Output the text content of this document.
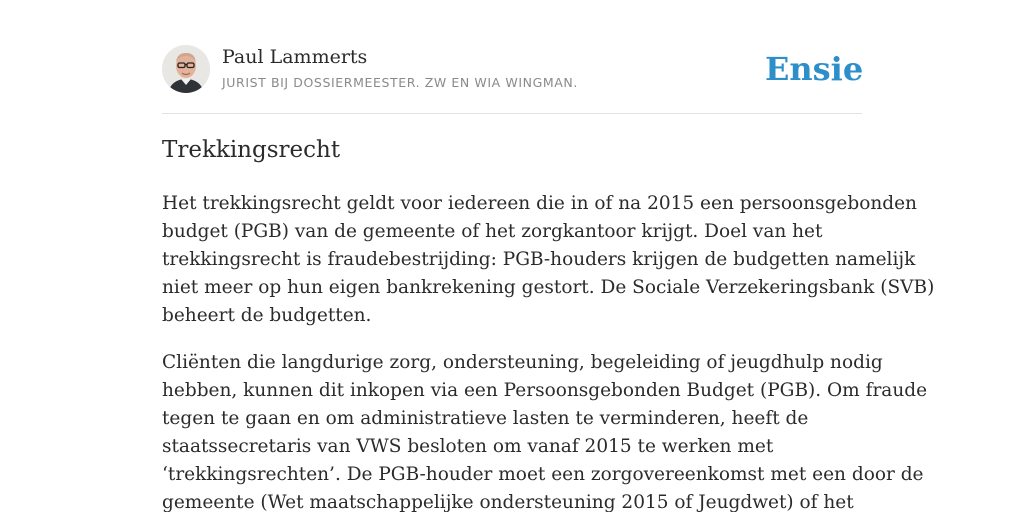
Paul Lammerts
JURIST BIJ DOSSIERMEESTER. ZW EN WIA WINGMAN.	Ensie
Trekkingsrecht

Het trekkingsrecht geldt voor iedereen die in of na 2015 een persoonsgebonden
budget (PGB) van de gemeente of het zorgkantoor krijgt. Doel van het
trekkingsrecht is fraudebestrijding: PGB-houders krijgen de budgetten namelijk
niet meer op hun eigen bankrekening gestort. De Sociale Verzekeringsbank (SVB)
beheert de budgetten.

Cliënten die langdurige zorg, ondersteuning, begeleiding of jeugdhulp nodig
hebben, kunnen dit inkopen via een Persoonsgebonden Budget (PGB). Om fraude
tegen te gaan en om administratieve lasten te verminderen, heeft de
staatssecretaris van VWS besloten om vanaf 2015 te werken met
‘trekkingsrechten’. De PGB-houder moet een zorgovereenkomst met een door de
gemeente (Wet maatschappelijke ondersteuning 2015 of Jeugdwet) of het
